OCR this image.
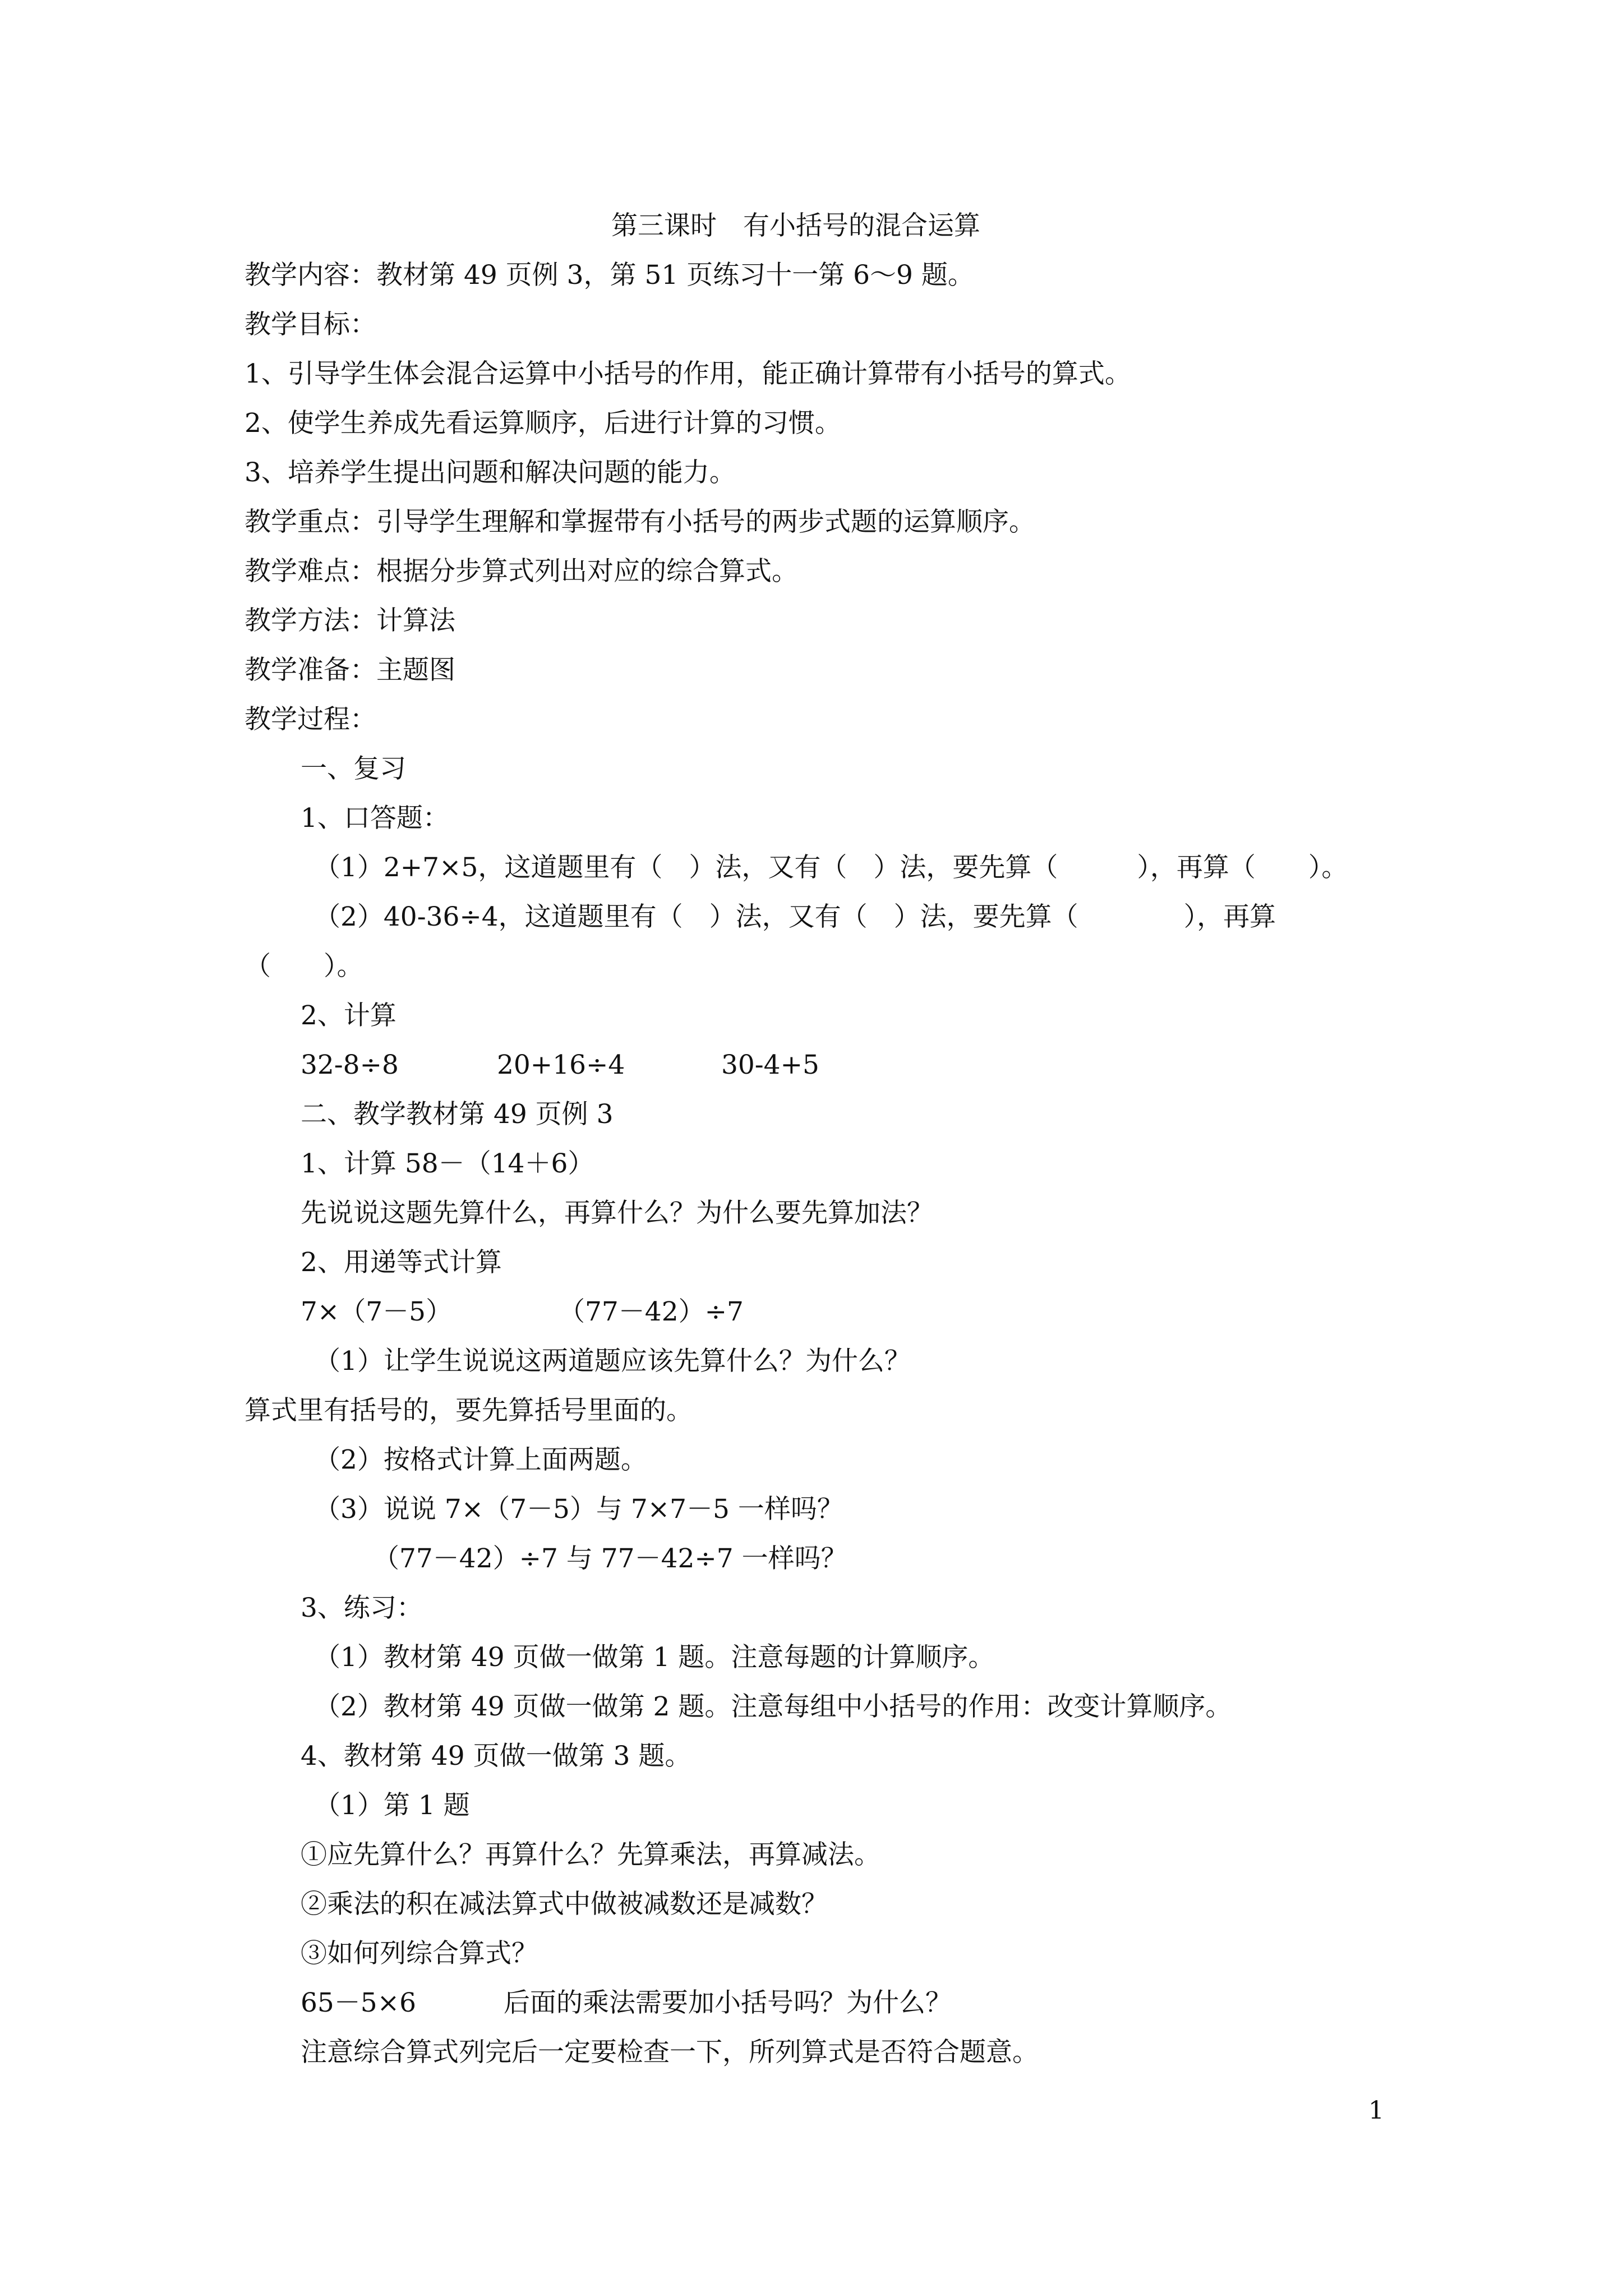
第三课时　有小括号的混合运算
教学内容：教材第 49 页例 3，第 51 页练习十一第 6～9 题。
教学目标：
1、引导学生体会混合运算中小括号的作用，能正确计算带有小括号的算式。
2、使学生养成先看运算顺序，后进行计算的习惯。
3、培养学生提出问题和解决问题的能力。
教学重点：引导学生理解和掌握带有小括号的两步式题的运算顺序。
教学难点：根据分步算式列出对应的综合算式。
教学方法：计算法
教学准备：主题图
教学过程：
一、复习
1、口答题：
（1）2+7×5，这道题里有（　）法，又有（　）法，要先算（　　　），再算（　　）。
（2）40-36÷4，这道题里有（　）法，又有（　）法，要先算（　　　　），再算
（　　）。
2、计算
32-8÷8	20+16÷4	30-4+5
二、教学教材第 49 页例 3
1、计算 58－（14＋6）
先说说这题先算什么，再算什么？为什么要先算加法？
2、用递等式计算
7×（7－5）	（77－42）÷7
（1）让学生说说这两道题应该先算什么？为什么？
算式里有括号的，要先算括号里面的。
（2）按格式计算上面两题。
（3）说说 7×（7－5）与 7×7－5 一样吗？
（77－42）÷7 与 77－42÷7 一样吗？
3、练习：
（1）教材第 49 页做一做第 1 题。注意每题的计算顺序。
（2）教材第 49 页做一做第 2 题。注意每组中小括号的作用：改变计算顺序。
4、教材第 49 页做一做第 3 题。
（1）第 1 题
①应先算什么？再算什么？先算乘法，再算减法。
②乘法的积在减法算式中做被减数还是减数？
③如何列综合算式？
65－5×6	后面的乘法需要加小括号吗？为什么？
注意综合算式列完后一定要检查一下，所列算式是否符合题意。
1
